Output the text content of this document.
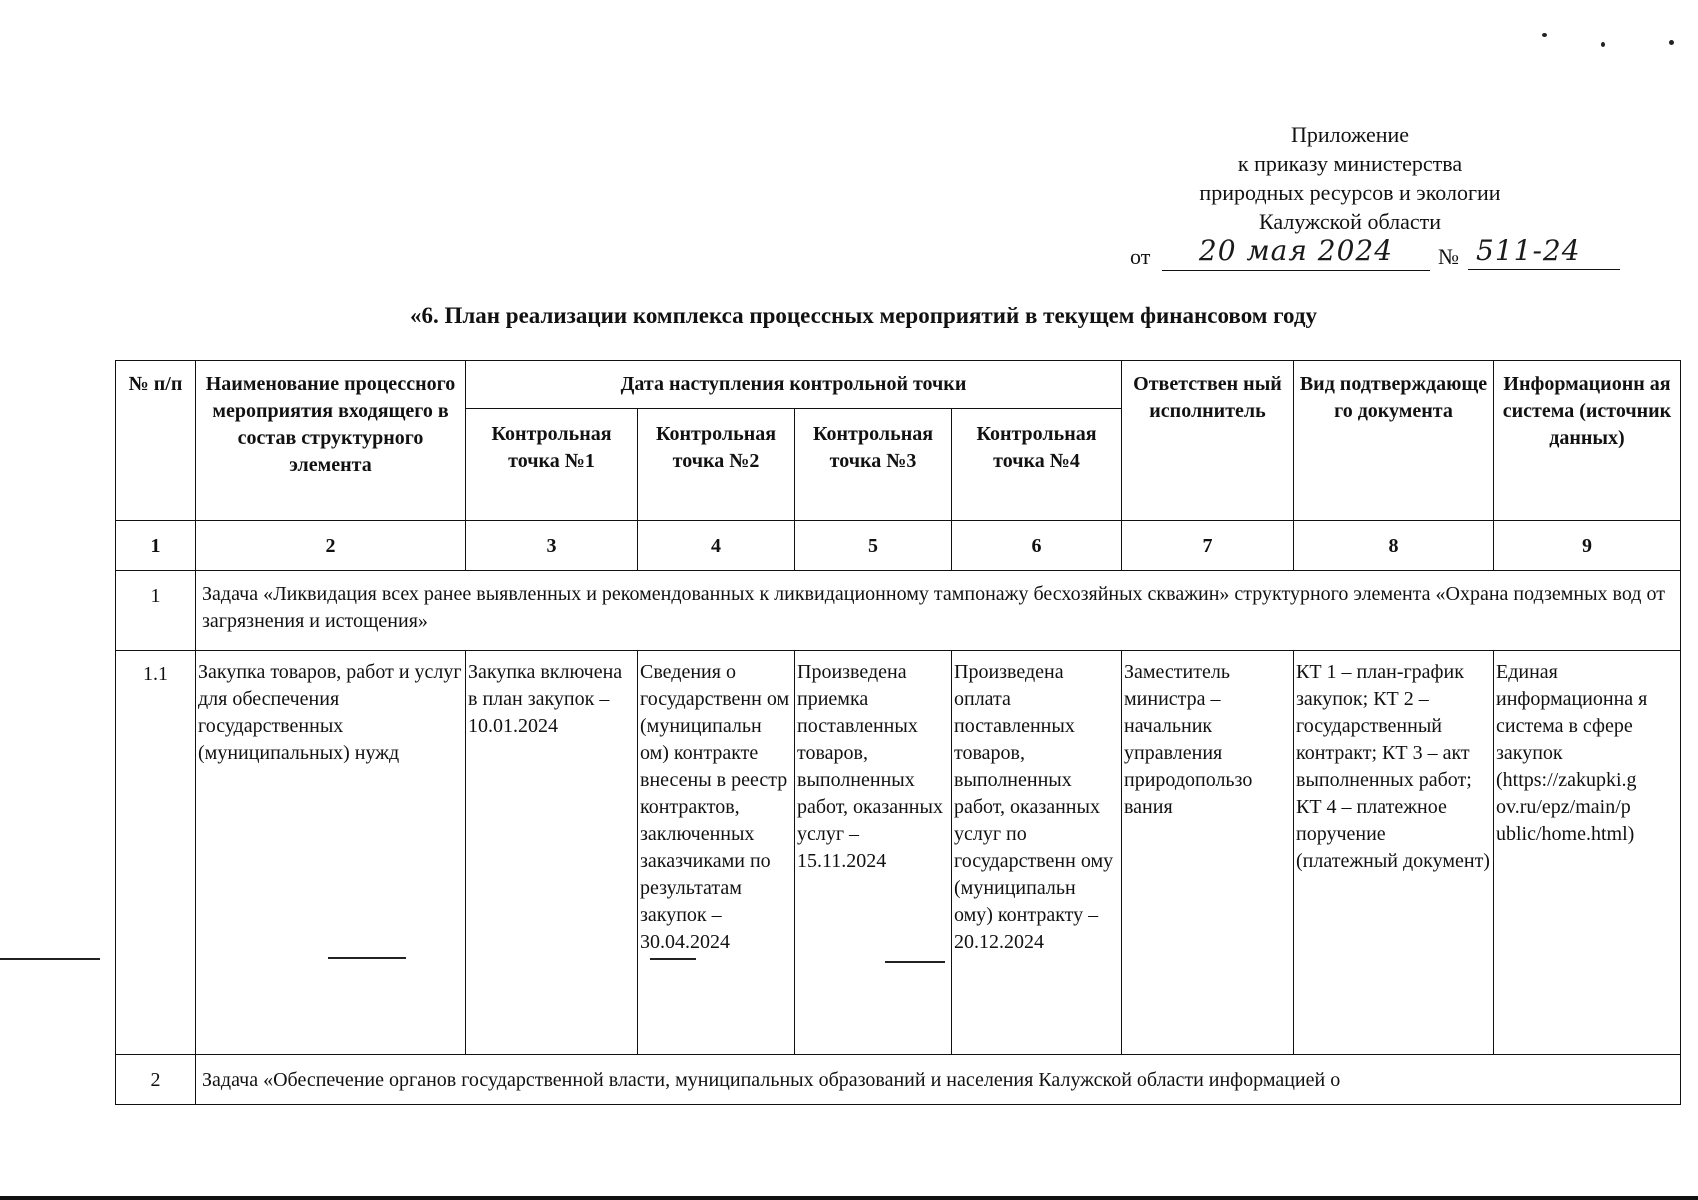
Приложение
к приказу министерства
природных ресурсов и экологии
Калужской области
от	20 мая 2024	№ 511-24
«6. План реализации комплекса процессных мероприятий в текущем финансовом году
№ п/п	Наименование процессного мероприятия входящего в состав структурного элемента	Дата наступления контрольной точки				Ответствен ный исполнитель	Вид подтверждающе го документа	Информационн ая система (источник данных)
		Контрольная точка №1	Контрольная точка №2	Контрольная точка №3	Контрольная точка №4			
1	2	3	4	5	6	7	8	9
1	Задача «Ликвидация всех ранее выявленных и рекомендованных к ликвидационному тампонажу бесхозяйных скважин» структурного элемента «Охрана подземных вод от загрязнения и истощения»							
1.1	Закупка товаров, работ и услуг для обеспечения государственных (муниципальных) нужд	Закупка включена в план закупок – 10.01.2024	Сведения о государственн ом (муниципальн ом) контракте внесены в реестр контрактов, заключенных заказчиками по результатам закупок – 30.04.2024	Произведена приемка поставленных товаров, выполненных работ, оказанных услуг – 15.11.2024	Произведена оплата поставленных товаров, выполненных работ, оказанных услуг по государственн ому (муниципальн ому) контракту – 20.12.2024	Заместитель министра – начальник управления природопользо вания	КТ 1 – план-график закупок; КТ 2 – государственный контракт; КТ 3 – акт выполненных работ; КТ 4 – платежное поручение (платежный документ)	Единая информационна я система в сфере закупок (https://zakupki.g ov.ru/epz/main/p ublic/home.html)
2	Задача «Обеспечение органов государственной власти, муниципальных образований и населения Калужской области информацией о							
